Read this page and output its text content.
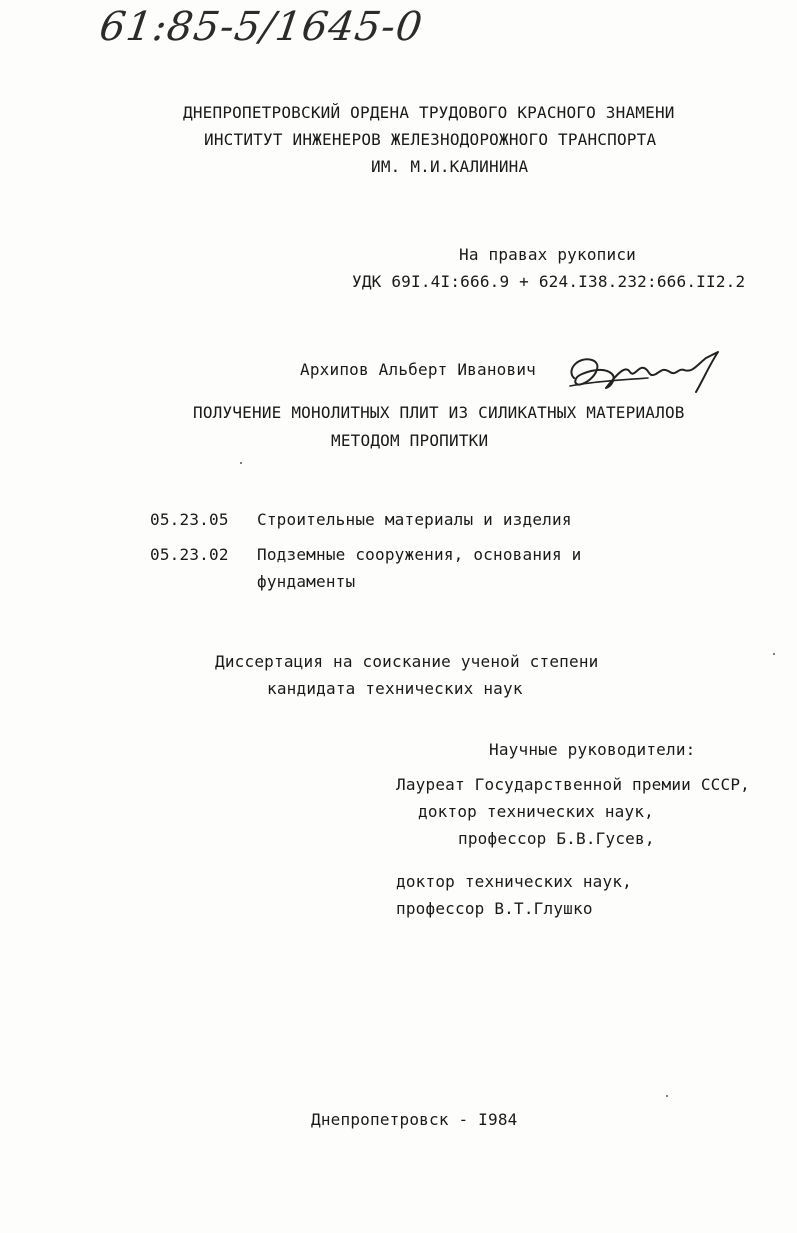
61:85-5/1645-0
ДНЕПРОПЕТРОВСКИЙ ОРДЕНА ТРУДОВОГО КРАСНОГО ЗНАМЕНИ
ИНСТИТУТ ИНЖЕНЕРОВ ЖЕЛЕЗНОДОРОЖНОГО ТРАНСПОРТА
ИМ. М.И.КАЛИНИНА
На правах рукописи
УДК 69I.4I:666.9 + 624.I38.232:666.II2.2
Архипов Альберт Иванович
ПОЛУЧЕНИЕ МОНОЛИТНЫХ ПЛИТ ИЗ СИЛИКАТНЫХ МАТЕРИАЛОВ
МЕТОДОМ ПРОПИТКИ
05.23.05 Строительные материалы и изделия
05.23.02 Подземные сооружения, основания и
фундаменты
Диссертация на соискание ученой степени
кандидата технических наук
Научные руководители:
Лауреат Государственной премии СССР,
доктор технических наук,
профессор Б.В.Гусев,
доктор технических наук,
профессор В.Т.Глушко
Днепропетровск - I984
